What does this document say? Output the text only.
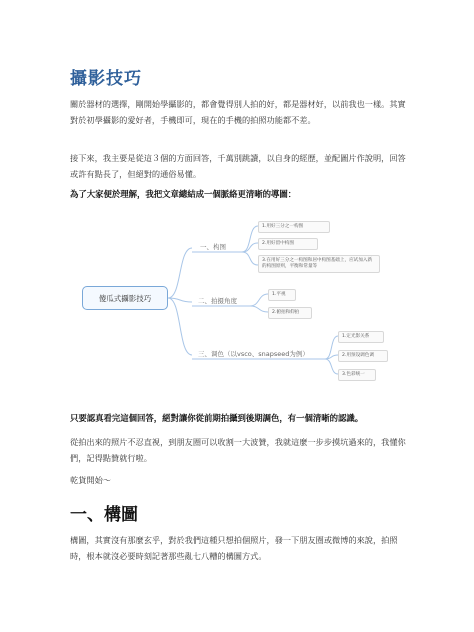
攝影技巧

關於器材的選擇，剛開始學攝影的，都會覺得別人拍的好，都是器材好，以前我也一樣。其實對於初學攝影的愛好者，手機即可，現在的手機的拍照功能都不差。

接下來，我主要是從這３個的方面回答，千萬別跳讀，以自身的經歷，並配圖片作說明，回答或許有點長了，但絕對的通俗易懂。

為了大家便於理解，我把文章總結成一個脈絡更清晰的導圖：

傻瓜式攝影技巧
一、构图
二、拍摄角度
三、调色（以vsco、snapseed为例）
1.用好三分之一构图
2.用好留中构图
3.在用好三分之一构图和居中构图基础上，应试加入新的构图原则，平衡和常量等
1.平视
2.俯拍和仰拍
1.定光影关系
2.用预设调色调
3.色彩统一

只要認真看完這個回答，絕對讓你從前期拍攝到後期調色，有一個清晰的認識。

從拍出來的照片不忍直視，到朋友圈可以收割一大波贊，我就這麼一步步摸坑過來的，我懂你們，記得點贊就行啦。

乾貨開始～

一、構圖

構圖，其實沒有那麼玄乎，對於我們這種只想拍個照片，發一下朋友圈或微博的來說，拍照時，根本就沒必要時刻記著那些亂七八糟的構圖方式。
